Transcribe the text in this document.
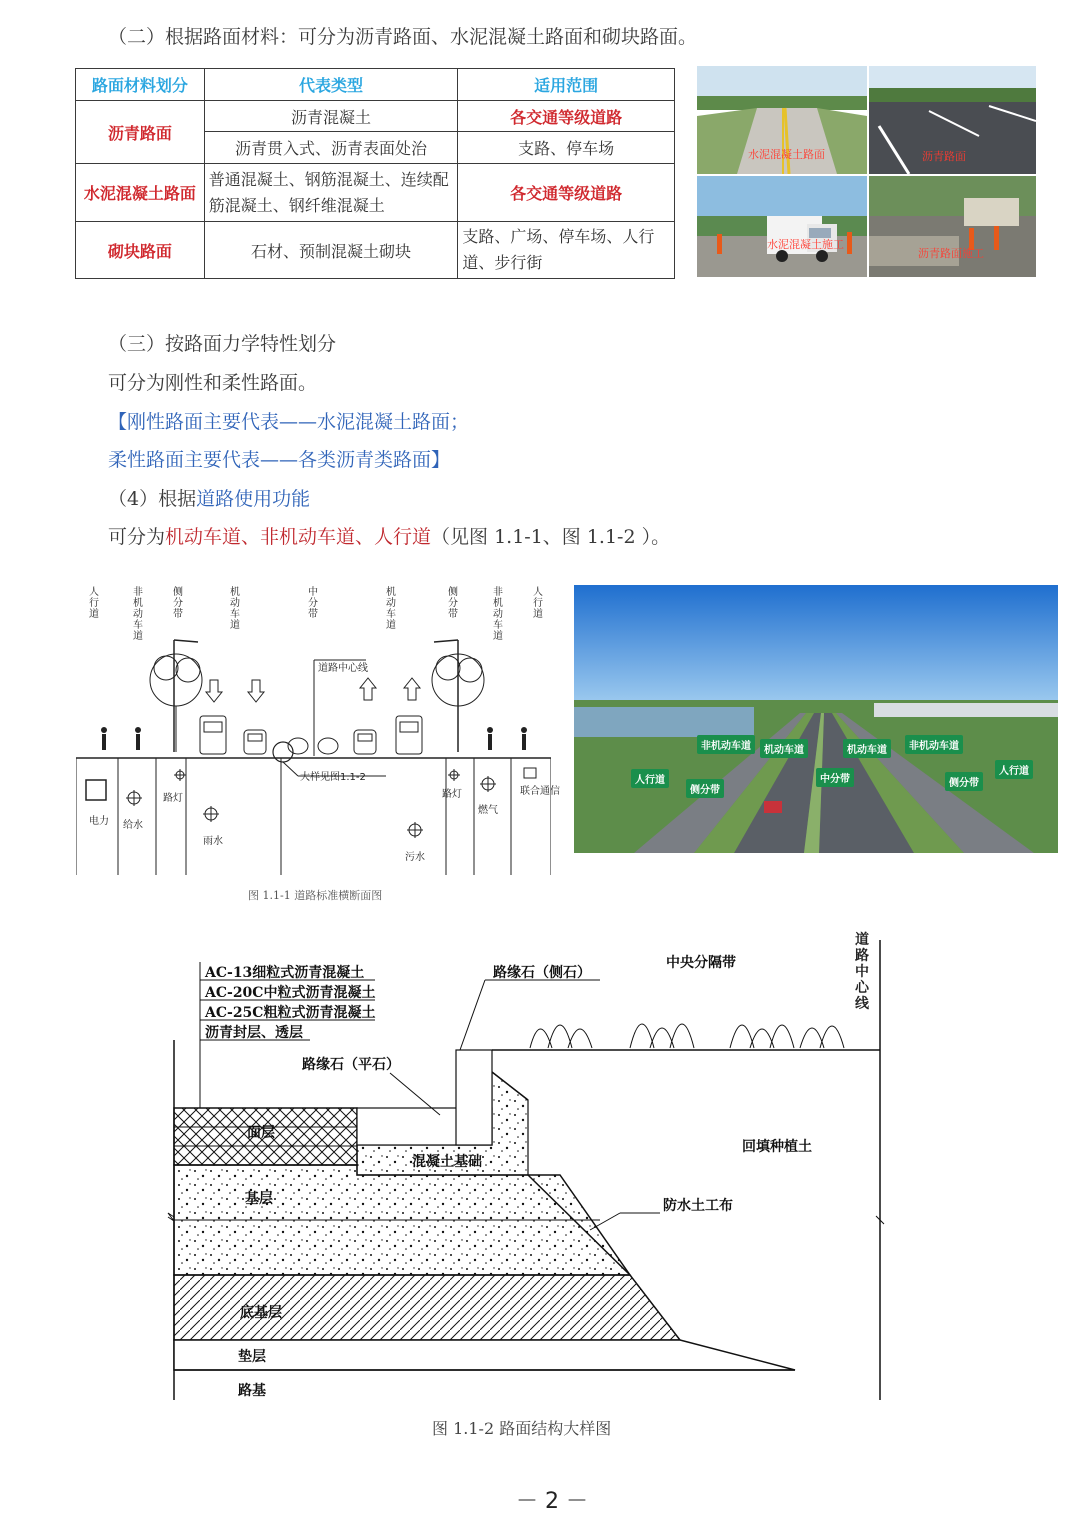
（二）根据路面材料：可分为沥青路面、水泥混凝土路面和砌块路面。
路面材料划分	代表类型	适用范围
沥青路面	沥青混凝土	各交通等级道路
	沥青贯入式、沥青表面处治	支路、停车场
水泥混凝土路面	普通混凝土、钢筋混凝土、连续配筋混凝土、钢纤维混凝土	各交通等级道路
砌块路面	石材、预制混凝土砌块	支路、广场、停车场、人行道、步行街
水泥混凝土路面	沥青路面
水泥混凝土施工
沥青路面施工
（三）按路面力学特性划分
可分为刚性和柔性路面。
【刚性路面主要代表——水泥混凝土路面；
柔性路面主要代表——各类沥青类路面】
（4）根据道路使用功能
可分为机动车道、非机动车道、人行道（见图 1.1-1、图 1.1-2 ）。
人行道
非机动车道
侧分带
机动车道
中分带
机动车道
侧分带
非机动车道
人行道
道路中心线
大样见图1.1-2
电力 给水
路灯
雨水
污水
路灯
燃气
联合通信
图 1.1-1 道路标准横断面图
非机动车道	机动车道	机动车道	非机动车道
人行道
侧分带
中分带	侧分带
人行道
AC-13细粒式沥青混凝土
AC-20C中粒式沥青混凝土
AC-25C粗粒式沥青混凝土
沥青封层、透层
路缘石（侧石）
中央分隔带
道路中心线
路缘石（平石）
面层
混凝土基础
回填种植土
基层	防水土工布
底基层
垫层
路基
图 1.1-2 路面结构大样图
－ 2 －
